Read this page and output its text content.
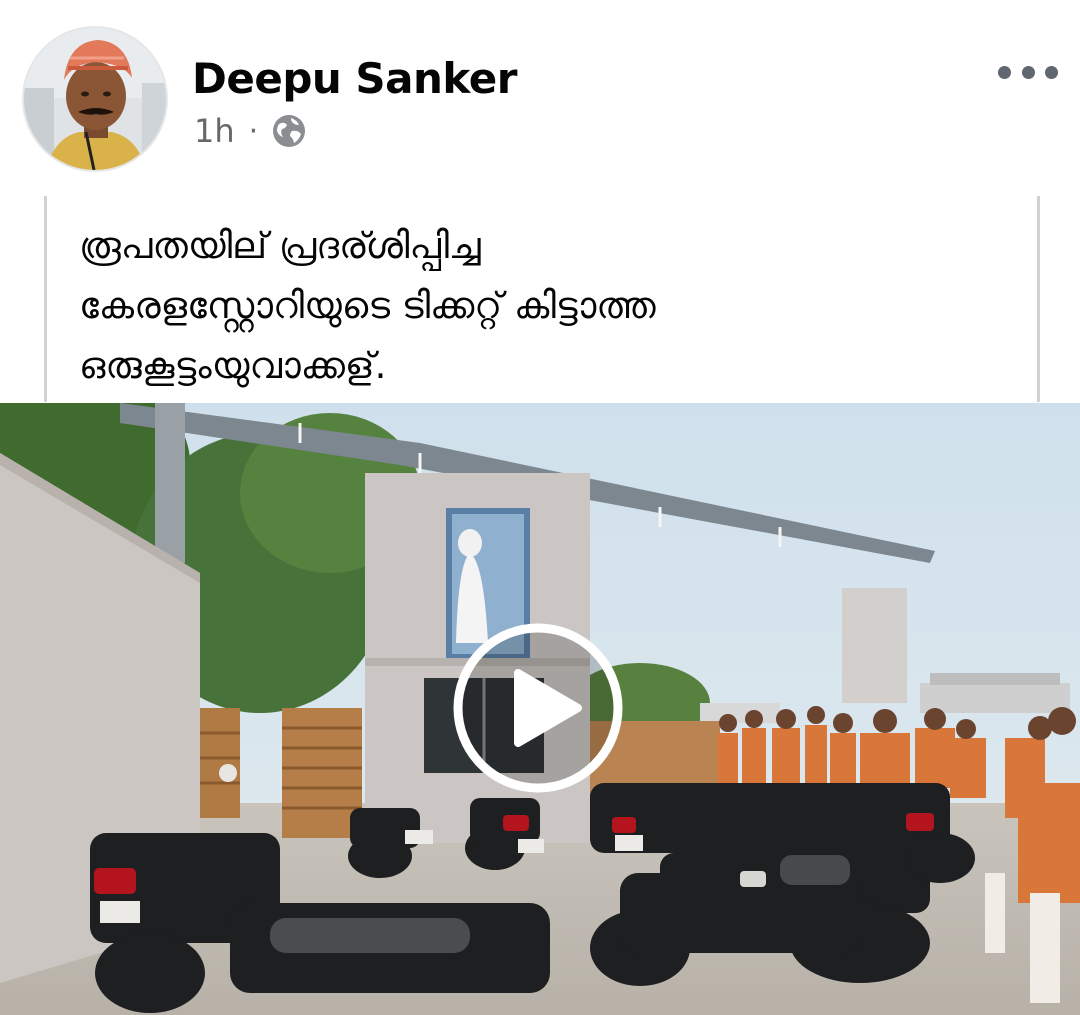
Deepu Sanker
1h ·
രൂപതയില് പ്രദര്ശിപ്പിച്ച
കേരളസ്റ്റോറിയുടെ ടിക്കറ്റ് കിട്ടാത്ത
ഒരുകൂട്ടംയുവാക്കള്.
